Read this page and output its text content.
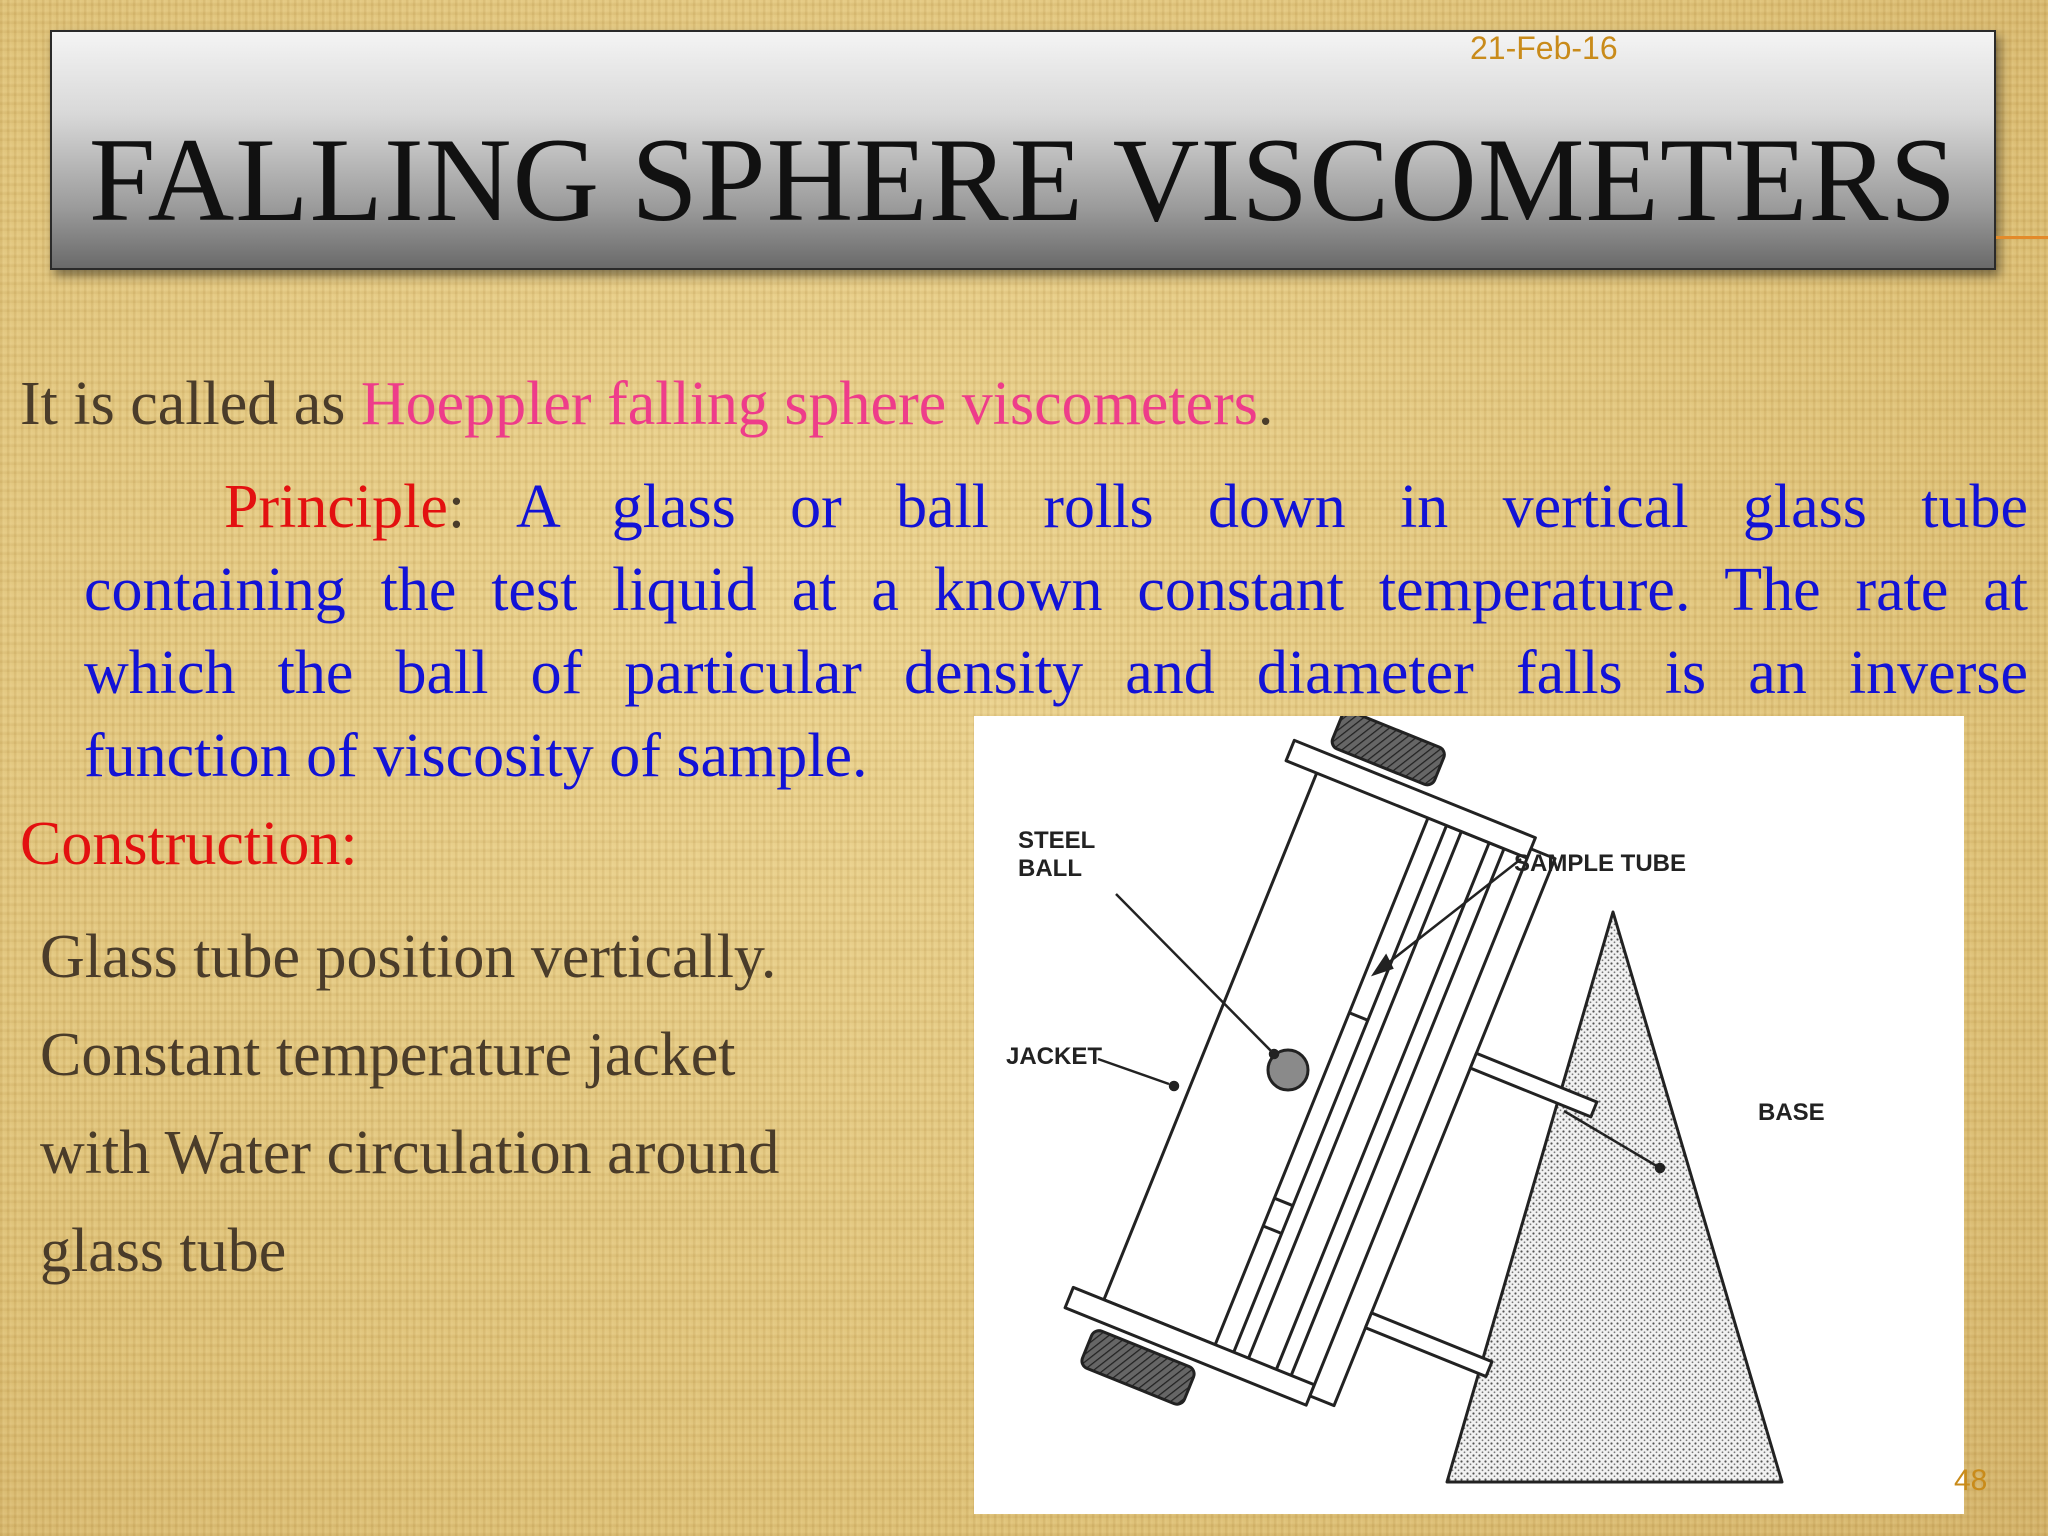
FALLING SPHERE VISCOMETERS
21-Feb-16
It is called as Hoeppler falling sphere viscometers.
Principle: A glass or ball rolls down in vertical glass tube
containing the test liquid at a known constant temperature. The rate at
which the ball of particular density and diameter falls is an inverse
function of viscosity of sample.
Construction:
Glass tube position vertically.
Constant temperature jacket
with Water circulation around
glass tube
STEEL
BALL	SAMPLE TUBE
JACKET
BASE
48
